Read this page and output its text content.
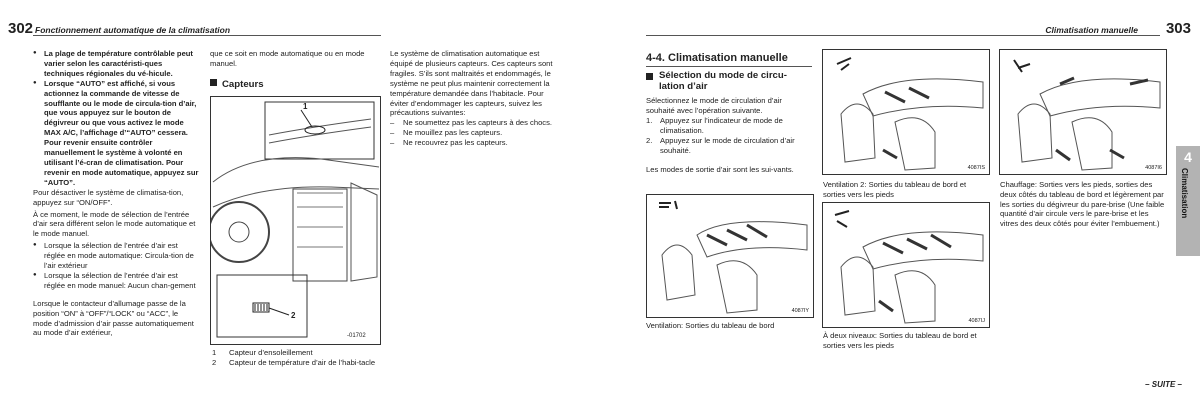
302 Fonctionnement automatique de la climatisation
● La plage de température contrôlable peut varier selon les caractéristi-ques techniques régionales du vé-hicule.
● Lorsque “AUTO” est affiché, si vous actionnez la commande de vitesse de soufflante ou le mode de circula-tion d’air, que vous appuyez sur le bouton de dégivreur ou que vous activez le mode MAX A/C, l’affichage d’“AUTO” cessera. Pour revenir ensuite contrôler manuellement le système à volonté en utilisant l’é-cran de climatisation. Pour revenir en mode automatique, appuyez sur “AUTO”.
Pour désactiver le système de climatisa-tion, appuyez sur “ON/OFF”.
À ce moment, le mode de sélection de l’entrée d’air sera différent selon le mode automatique et le mode manuel.
● Lorsque la sélection de l’entrée d’air est réglée en mode automatique: Circula-tion de l’air extérieur
● Lorsque la sélection de l’entrée d’air est réglée en mode manuel: Aucun chan-gement
Lorsque le contacteur d’allumage passe de la position “ON” à “OFF”/“LOCK” ou “ACC”, le mode d’admission d’air passe automatiquement au mode d’air extérieur,
que ce soit en mode automatique ou en mode manuel.
Capteurs
1
2
-01702
1 Capteur d’ensoleillement
2 Capteur de température d’air de l’habi-tacle
Le système de climatisation automatique est équipé de plusieurs capteurs. Ces capteurs sont fragiles. S’ils sont maltraités et endommagés, le système ne peut plus maintenir correctement la température demandée dans l’habitacle. Pour éviter d’endommager les capteurs, suivez les précautions suivantes:
– Ne soumettez pas les capteurs à des chocs.
– Ne mouillez pas les capteurs.
– Ne recouvrez pas les capteurs.
Climatisation manuelle 303
4-4. Climatisation manuelle
Sélection du mode de circu-lation d’air
Sélectionnez le mode de circulation d’air souhaité avec l’opération suivante.
1. Appuyez sur l’indicateur de mode de climatisation.
2. Appuyez sur le mode de circulation d’air souhaité.
Les modes de sortie d’air sont les sui-vants.
4087IY
Ventilation: Sorties du tableau de bord
4087IS
Ventilation 2: Sorties du tableau de bord et sorties vers les pieds
4087IJ
À deux niveaux: Sorties du tableau de bord et sorties vers les pieds
4087I6
Chauffage: Sorties vers les pieds, sorties des deux côtés du tableau de bord et légèrement par les sorties du dégivreur du pare-brise (Une faible quantité d’air circule vers le pare-brise et les vitres des deux côtés pour éviter l’embuement.)
4
Climatisation
– SUITE –
